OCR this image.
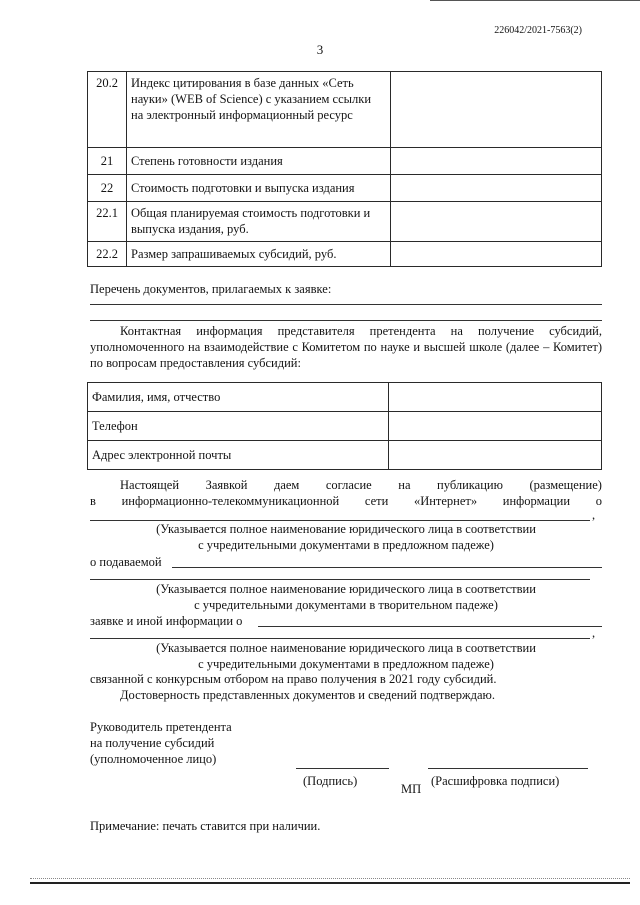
226042/2021-7563(2)
3
20.2	Индекс цитирования в базе данных «Сеть науки» (WEB of Science) с указанием ссылки на электронный информационный ресурс	
21	Степень готовности издания	
22	Стоимость подготовки и выпуска издания	
22.1	Общая планируемая стоимость подготовки и выпуска издания, руб.	
22.2	Размер запрашиваемых субсидий, руб.	
Перечень документов, прилагаемых к заявке:
Контактная информация представителя претендента на получение субсидий, уполномоченного на взаимодействие с Комитетом по науке и высшей школе (далее – Комитет) по вопросам предоставления субсидий:
Фамилия, имя, отчество	
Телефон	
Адрес электронной почты	
Настоящей Заявкой даем согласие на публикацию (размещение)
в информационно-телекоммуникационной сети «Интернет» информации о
,
(Указывается полное наименование юридического лица в соответствии
с учредительными документами в предложном падеже)
о подаваемой
(Указывается полное наименование юридического лица в соответствии
с учредительными документами в творительном падеже)
заявке и иной информации о
,
(Указывается полное наименование юридического лица в соответствии
с учредительными документами в предложном падеже)
связанной с конкурсным отбором на право получения в 2021 году субсидий.
Достоверность представленных документов и сведений подтверждаю.
Руководитель претендента
на получение субсидий
(уполномоченное лицо)
(Подпись)
МП
(Расшифровка подписи)
Примечание: печать ставится при наличии.
